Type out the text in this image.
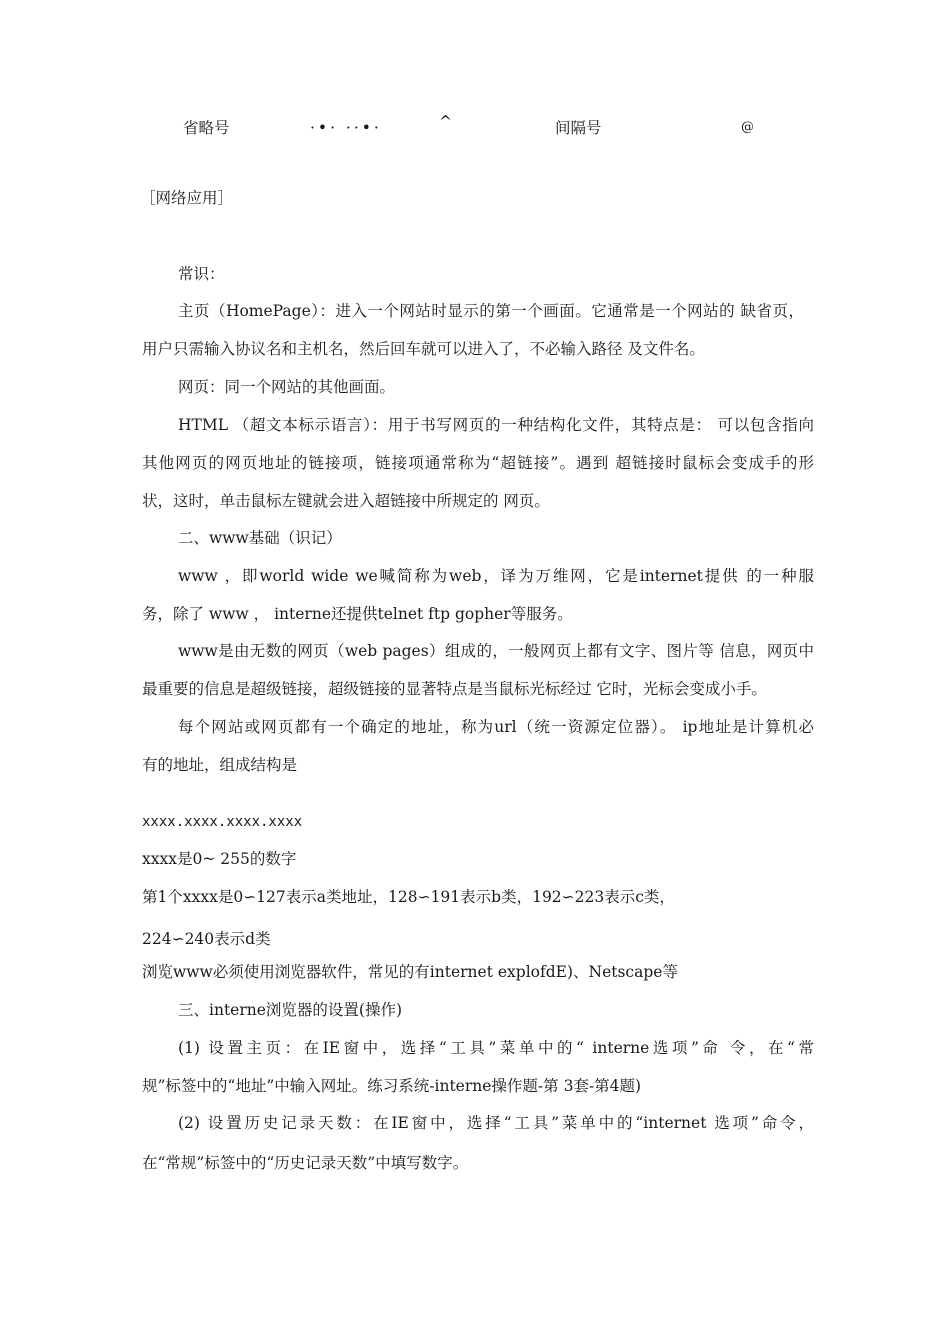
省略号	·•· ··•·	^	间隔号	@
［网络应用］
常识：
主页（HomePage）：进入一个网站时显示的第一个画面。它通常是一个网站的 缺省页，
用户只需输入协议名和主机名，然后回车就可以进入了，不必输入路径 及文件名。
网页：同一个网站的其他画面。
HTML （超文本标示语言）：用于书写网页的一种结构化文件，其特点是： 可以包含指向
其他网页的网页地址的链接项，链接项通常称为“超链接”。遇到 超链接时鼠标会变成手的形
状，这时，单击鼠标左键就会进入超链接中所规定的 网页。
二、www基础（识记）
www ，即world wide we喊简称为web，译为万维网，它是internet提供 的一种服
务，除了 www ， interne还提供telnet ftp gopher等服务。
www是由无数的网页（web pages）组成的，一般网页上都有文字、图片等 信息，网页中
最重要的信息是超级链接，超级链接的显著特点是当鼠标光标经过 它时，光标会变成小手。
每个网站或网页都有一个确定的地址，称为url（统一资源定位器）。 ip地址是计算机必
有的地址，组成结构是
xxxx.xxxx.xxxx.xxxx
xxxx是0~ 255的数字
第1个xxxx是0∽127表示a类地址，128∽191表示b类，192∽223表示c类，
224∽240表示d类
浏览www必须使用浏览器软件，常见的有internet explofdE)、Netscape等
三、interne浏览器的设置(操作)
(1) 设置主页：在IE窗中，选择“工具”菜单中的“ interne选项”命 令，在“常
规”标签中的“地址”中输入网址。练习系统-interne操作题-第 3套-第4题)
(2) 设置历史记录天数：在IE窗中，选择“工具”菜单中的“internet 选项”命令，
在“常规”标签中的“历史记录天数”中填写数字。
